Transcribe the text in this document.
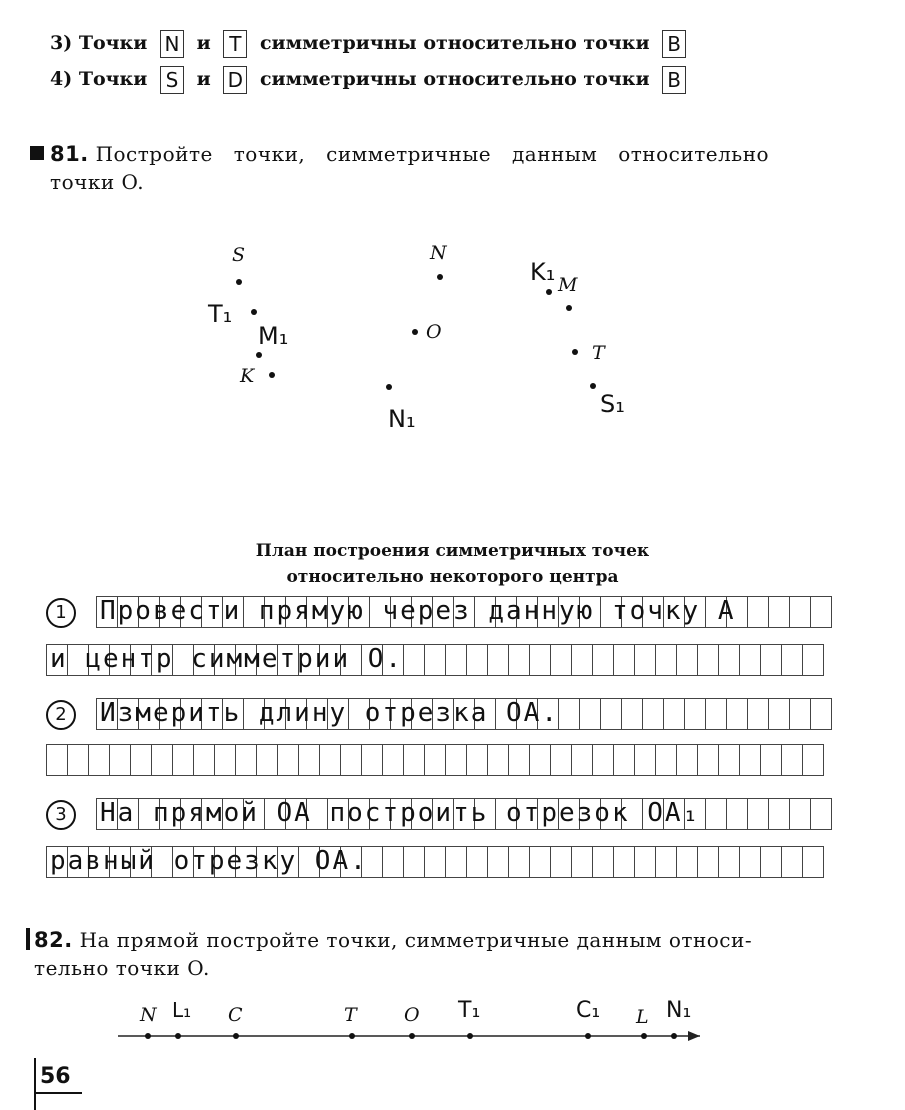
3) Точки N и T симметричны относительно точки B
4) Точки S и D симметричны относительно точки B
81. Постройте точки, симметричные данным относительно
точки O.
S
T₁
M₁
K
N
O
N₁
K₁ M
T
S₁
План построения симметричных точек
относительно некоторого центра
1	Провести прямую через данную точку А
и центр симметрии О.
2	Измерить длину отрезка ОА.
3	На прямой ОА построить отрезок ОА₁
равный отрезку ОА.
82. На прямой постройте точки, симметричные данным относи-
тельно точки O.
N L₁ C	T O T₁	C₁ L N₁
56
